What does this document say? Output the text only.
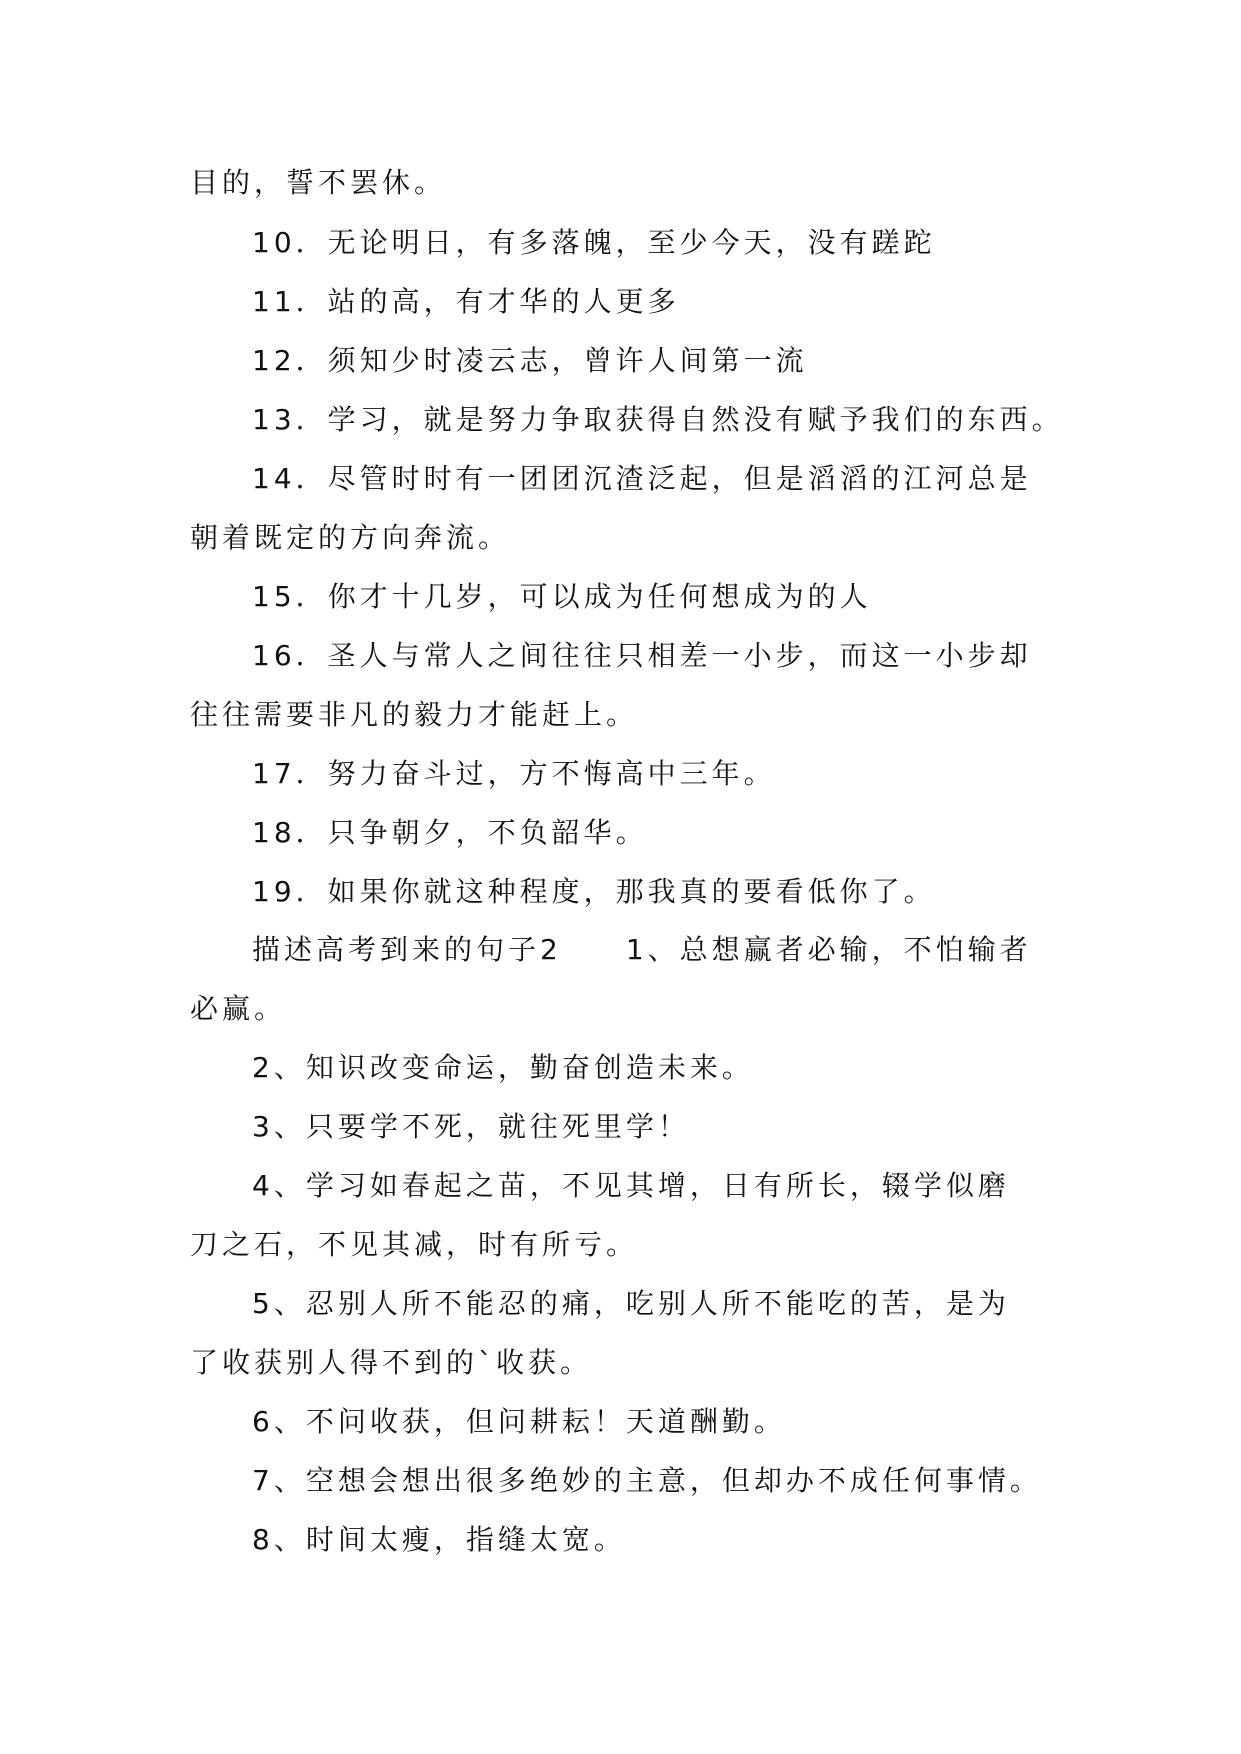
目的，誓不罢休。
10．无论明日，有多落魄，至少今天，没有蹉跎
11．站的高，有才华的人更多
12．须知少时凌云志，曾许人间第一流
13．学习，就是努力争取获得自然没有赋予我们的东西。
14．尽管时时有一团团沉渣泛起，但是滔滔的江河总是
朝着既定的方向奔流。
15．你才十几岁，可以成为任何想成为的人
16．圣人与常人之间往往只相差一小步，而这一小步却
往往需要非凡的毅力才能赶上。
17．努力奋斗过，方不悔高中三年。
18．只争朝夕，不负韶华。
19．如果你就这种程度，那我真的要看低你了。
描述高考到来的句子2　　1、总想赢者必输，不怕输者
必赢。
2、知识改变命运，勤奋创造未来。
3、只要学不死，就往死里学！
4、学习如春起之苗，不见其增，日有所长，辍学似磨
刀之石，不见其减，时有所亏。
5、忍别人所不能忍的痛，吃别人所不能吃的苦，是为
了收获别人得不到的`收获。
6、不问收获，但问耕耘！天道酬勤。
7、空想会想出很多绝妙的主意，但却办不成任何事情。
8、时间太瘦，指缝太宽。
